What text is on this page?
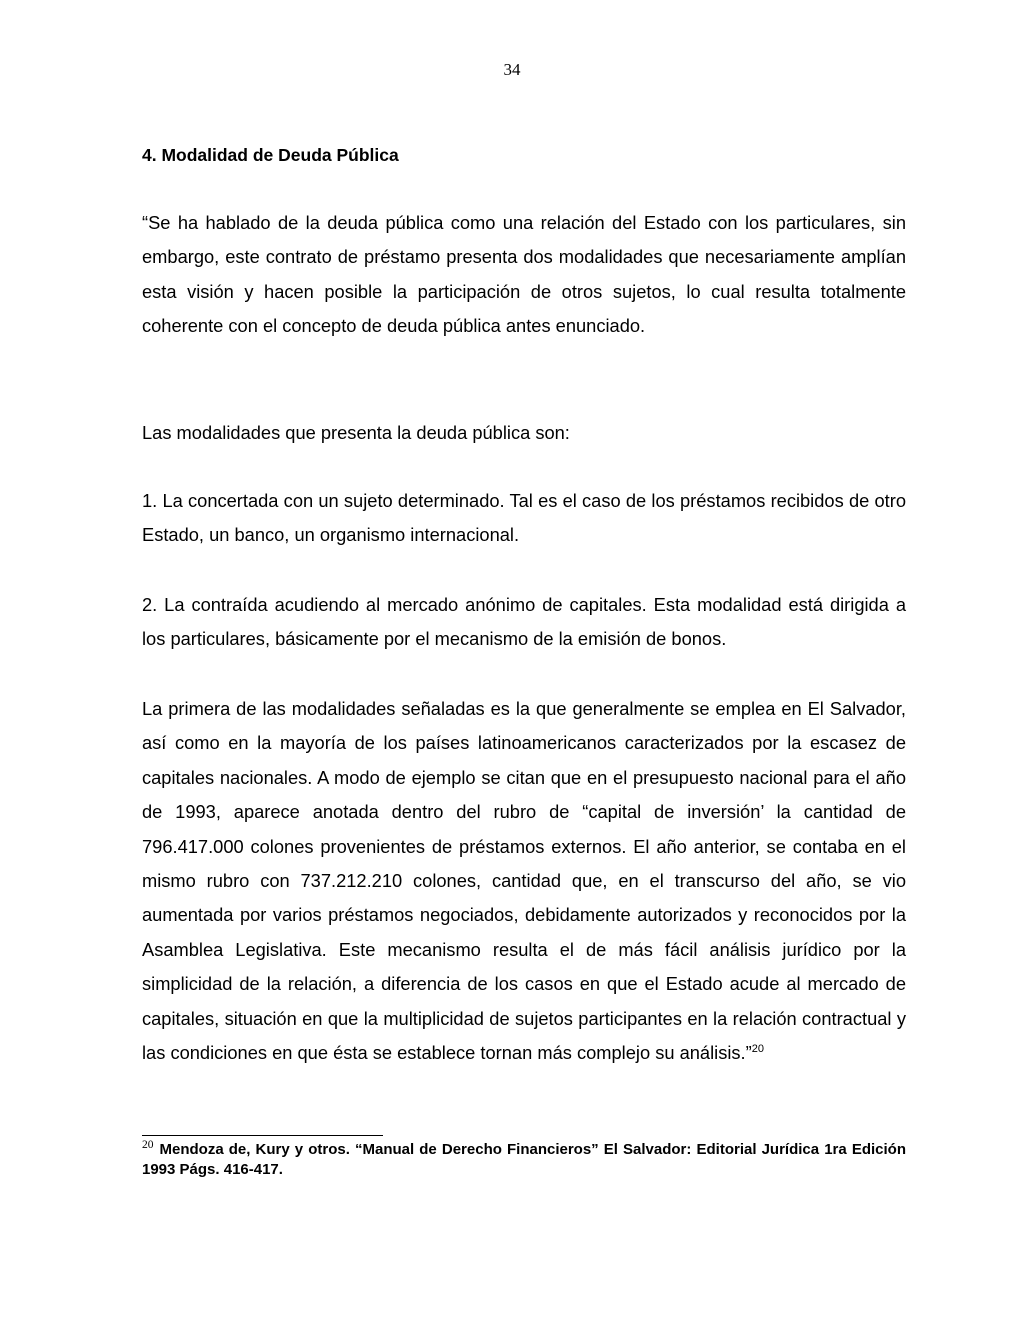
34
4. Modalidad de Deuda Pública

“Se ha hablado de la deuda pública como una relación del Estado con los particulares, sin embargo, este contrato de préstamo presenta dos modalidades que necesariamente amplían esta visión y hacen posible la participación de otros sujetos, lo cual resulta totalmente coherente con el concepto de deuda pública antes enunciado.

Las modalidades que presenta la deuda pública son:

1. La concertada con un sujeto determinado. Tal es el caso de los préstamos recibidos de otro Estado, un banco, un organismo internacional.

2. La contraída acudiendo al mercado anónimo de capitales. Esta modalidad está dirigida a los particulares, básicamente por el mecanismo de la emisión de bonos.

La primera de las modalidades señaladas es la que generalmente se emplea en El Salvador, así como en la mayoría de los países latinoamericanos caracterizados por la escasez de capitales nacionales. A modo de ejemplo se citan que en el presupuesto nacional para el año de 1993, aparece anotada dentro del rubro de “capital de inversión’ la cantidad de 796.417.000 colones provenientes de préstamos externos. El año anterior, se contaba en el mismo rubro con 737.212.210 colones, cantidad que, en el transcurso del año, se vio aumentada por varios préstamos negociados, debidamente autorizados y reconocidos por la Asamblea Legislativa. Este mecanismo resulta el de más fácil análisis jurídico por la simplicidad de la relación, a diferencia de los casos en que el Estado acude al mercado de capitales, situación en que la multiplicidad de sujetos participantes en la relación contractual y las condiciones en que ésta se establece tornan más complejo su análisis.”$^{20}$

$^{20}$ Mendoza de, Kury y otros. “Manual de Derecho Financieros” El Salvador: Editorial Jurídica 1ra Edición 1993 Págs. 416-417.
